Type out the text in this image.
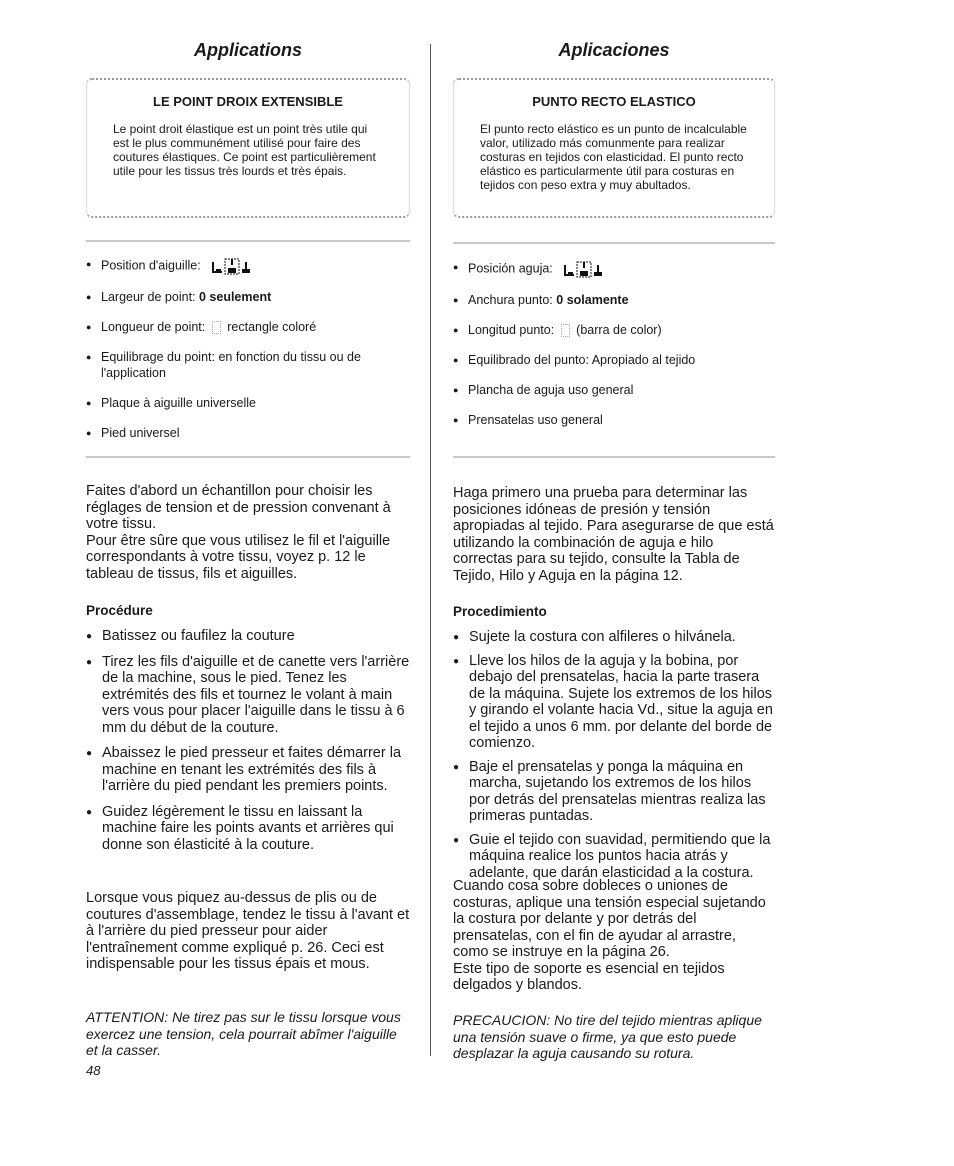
Applications
LE POINT DROIX EXTENSIBLE
Le point droit élastique est un point très utile qui est le plus communément utilisé pour faire des coutures élastiques. Ce point est particulièrement utile pour les tissus très lourds et très épais.
● Position d'aiguille:
● Largeur de point: 0 seulement
● Longueur de point: rectangle coloré
● Equilibrage du point: en fonction du tissu ou de l'application
● Plaque à aiguille universelle
● Pied universel
Faites d'abord un échantillon pour choisir les réglages de tension et de pression convenant à votre tissu.
Pour être sûre que vous utilisez le fil et l'aiguille correspondants à votre tissu, voyez p. 12 le tableau de tissus, fils et aiguilles.
Procédure
● Batissez ou faufilez la couture
● Tirez les fils d'aiguille et de canette vers l'arrière de la machine, sous le pied. Tenez les extrémités des fils et tournez le volant à main vers vous pour placer l'aiguille dans le tissu à 6 mm du début de la couture.
● Abaissez le pied presseur et faites démarrer la machine en tenant les extrémités des fils à l'arrière du pied pendant les premiers points.
● Guidez légèrement le tissu en laissant la machine faire les points avants et arrières qui donne son élasticité à la couture.
Lorsque vous piquez au-dessus de plis ou de coutures d'assemblage, tendez le tissu à l'avant et à l'arrière du pied presseur pour aider l'entraînement comme expliqué p. 26. Ceci est indispensable pour les tissus épais et mous.
ATTENTION: Ne tirez pas sur le tissu lorsque vous exercez une tension, cela pourrait abîmer l'aiguille et la casser.
Aplicaciones
PUNTO RECTO ELASTICO
El punto recto elástico es un punto de incalculable valor, utilizado más comunmente para realizar costuras en tejidos con elasticidad. El punto recto elástico es particularmente útil para costuras en tejidos con peso extra y muy abultados.
● Posición aguja:
● Anchura punto: 0 solamente
● Longitud punto: (barra de color)
● Equilibrado del punto: Apropiado al tejido
● Plancha de aguja uso general
● Prensatelas uso general
Haga primero una prueba para determinar las posiciones idóneas de presión y tensión apropiadas al tejido. Para asegurarse de que está utilizando la combinación de aguja e hilo correctas para su tejido, consulte la Tabla de Tejido, Hilo y Aguja en la página 12.
Procedimiento
● Sujete la costura con alfileres o hilvánela.
● Lleve los hilos de la aguja y la bobina, por debajo del prensatelas, hacia la parte trasera de la máquina. Sujete los extremos de los hilos y girando el volante hacia Vd., situe la aguja en el tejido a unos 6 mm. por delante del borde de comienzo.
● Baje el prensatelas y ponga la máquina en marcha, sujetando los extremos de los hilos por detrás del prensatelas mientras realiza las primeras puntadas.
● Guie el tejido con suavidad, permitiendo que la máquina realice los puntos hacia atrás y adelante, que darán elasticidad a la costura.
Cuando cosa sobre dobleces o uniones de costuras, aplique una tensión especial sujetando la costura por delante y por detrás del prensatelas, con el fin de ayudar al arrastre, como se instruye en la página 26.
Este tipo de soporte es esencial en tejidos delgados y blandos.
PRECAUCION: No tire del tejido mientras aplique una tensión suave o firme, ya que esto puede desplazar la aguja causando su rotura.
48
